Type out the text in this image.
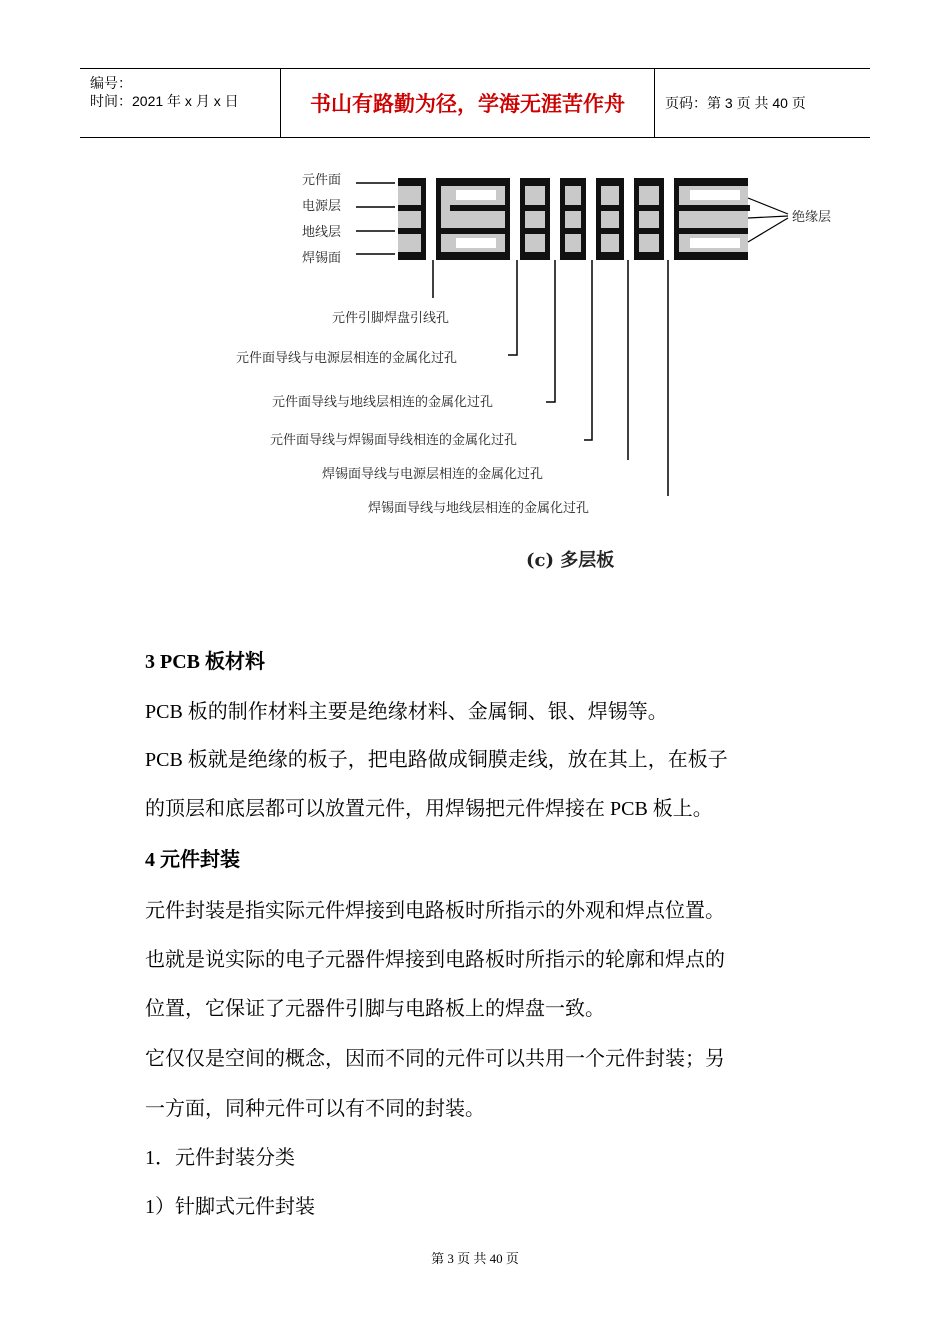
编号：
时间：2021 年 x 月 x 日	书山有路勤为径，学海无涯苦作舟	页码：第 3 页 共 40 页
元件面
电源层
地线层
焊锡面
绝缘层
元件引脚焊盘引线孔
元件面导线与电源层相连的金属化过孔
元件面导线与地线层相连的金属化过孔
元件面导线与焊锡面导线相连的金属化过孔
焊锡面导线与电源层相连的金属化过孔
焊锡面导线与地线层相连的金属化过孔
(c) 多层板

3 PCB 板材料

PCB 板的制作材料主要是绝缘材料、金属铜、银、焊锡等。

PCB 板就是绝缘的板子，把电路做成铜膜走线，放在其上，在板子

的顶层和底层都可以放置元件，用焊锡把元件焊接在 PCB 板上。

4 元件封装

元件封装是指实际元件焊接到电路板时所指示的外观和焊点位置。

也就是说实际的电子元器件焊接到电路板时所指示的轮廓和焊点的

位置，它保证了元器件引脚与电路板上的焊盘一致。

它仅仅是空间的概念，因而不同的元件可以共用一个元件封装；另

一方面，同种元件可以有不同的封装。

1．元件封装分类

1）针脚式元件封装

第 3 页 共 40 页
